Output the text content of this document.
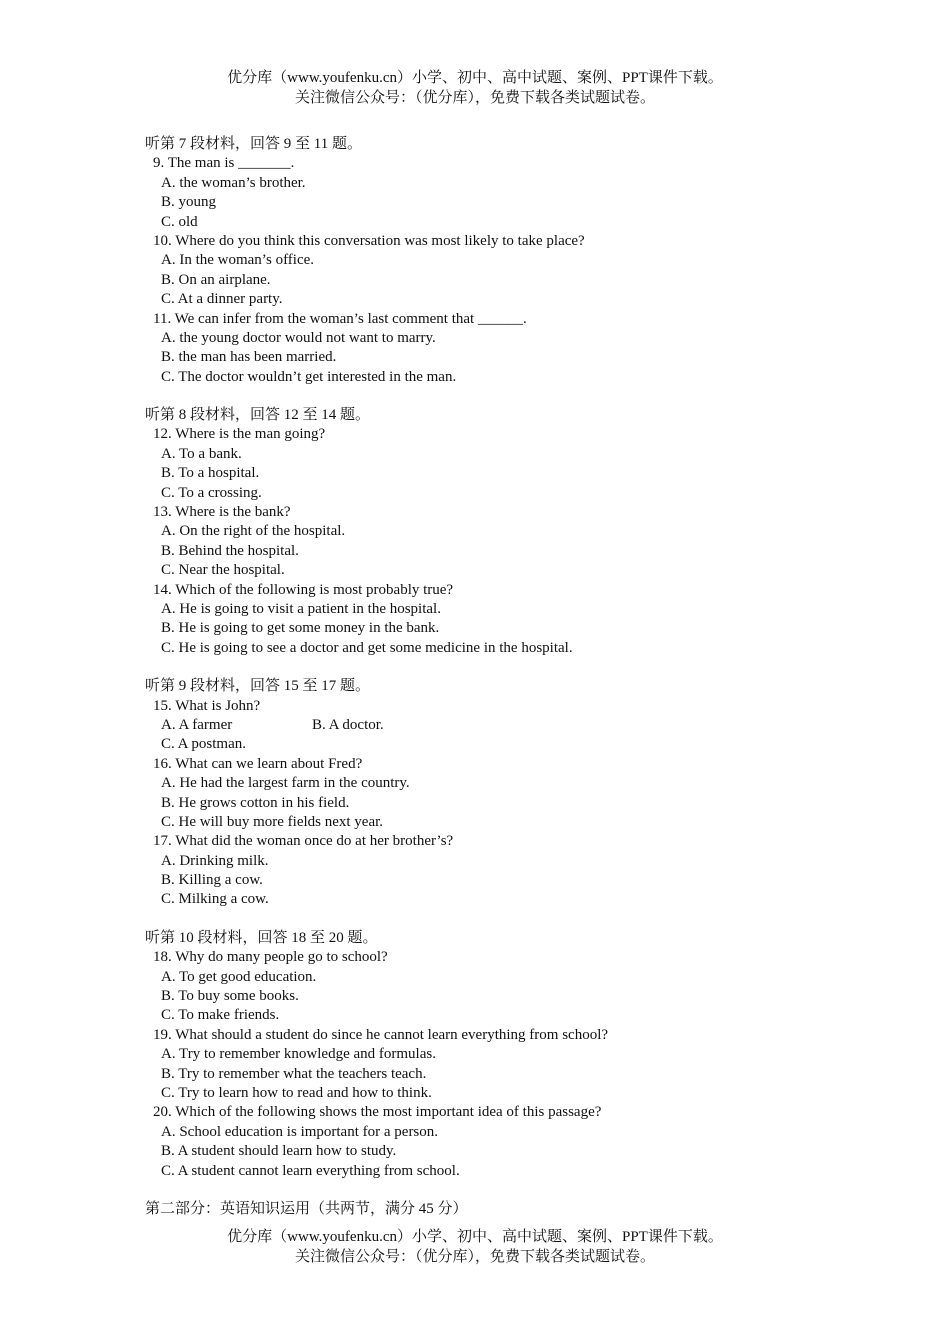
优分库（www.youfenku.cn）小学、初中、高中试题、案例、PPT课件下载。
关注微信公众号：（优分库），免费下载各类试题试卷。
听第 7 段材料，回答 9 至 11 题。
9. The man is _______.
A. the woman’s brother.
B. young
C. old
10. Where do you think this conversation was most likely to take place?
A. In the woman’s office.
B. On an airplane.
C. At a dinner party.
11. We can infer from the woman’s last comment that ______.
A. the young doctor would not want to marry.
B. the man has been married.
C. The doctor wouldn’t get interested in the man.
听第 8 段材料，回答 12 至 14 题。
12. Where is the man going?
A. To a bank.
B. To a hospital.
C. To a crossing.
13. Where is the bank?
A. On the right of the hospital.
B. Behind the hospital.
C. Near the hospital.
14. Which of the following is most probably true?
A. He is going to visit a patient in the hospital.
B. He is going to get some money in the bank.
C. He is going to see a doctor and get some medicine in the hospital.
听第 9 段材料，回答 15 至 17 题。
15. What is John?
A. A farmer	B. A doctor.
C. A postman.
16. What can we learn about Fred?
A. He had the largest farm in the country.
B. He grows cotton in his field.
C. He will buy more fields next year.
17. What did the woman once do at her brother’s?
A. Drinking milk.
B. Killing a cow.
C. Milking a cow.
听第 10 段材料，回答 18 至 20 题。
18. Why do many people go to school?
A. To get good education.
B. To buy some books.
C. To make friends.
19. What should a student do since he cannot learn everything from school?
A. Try to remember knowledge and formulas.
B. Try to remember what the teachers teach.
C. Try to learn how to read and how to think.
20. Which of the following shows the most important idea of this passage?
A. School education is important for a person.
B. A student should learn how to study.
C. A student cannot learn everything from school.
第二部分：英语知识运用（共两节，满分 45 分）
优分库（www.youfenku.cn）小学、初中、高中试题、案例、PPT课件下载。
关注微信公众号：（优分库），免费下载各类试题试卷。
